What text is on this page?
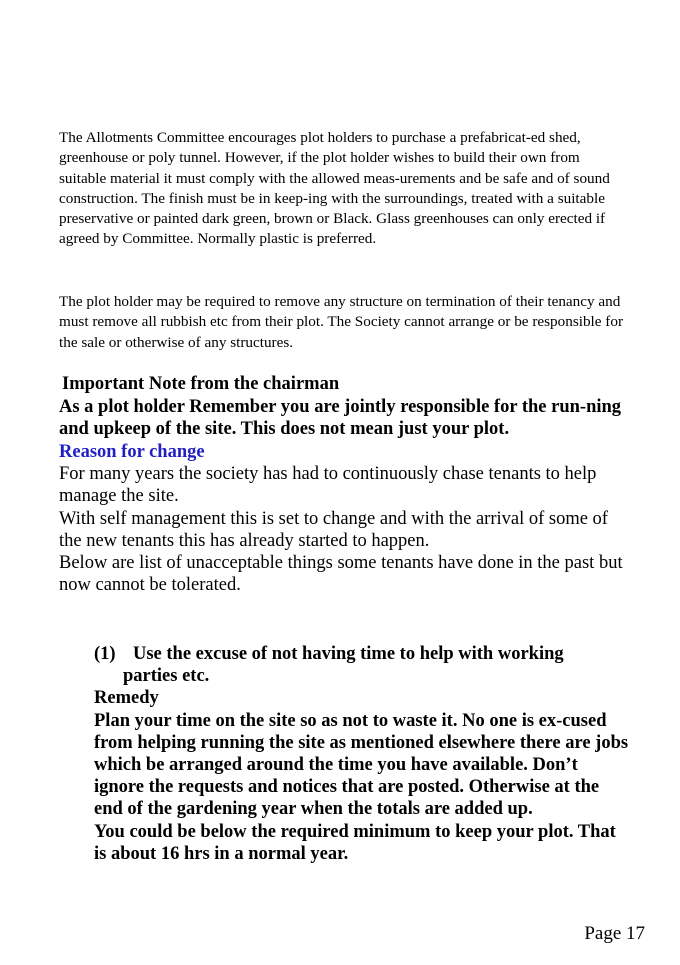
The Allotments Committee encourages plot holders to purchase a prefabricat-ed shed, greenhouse or poly tunnel. However, if the plot holder wishes to build their own from suitable material it must comply with the allowed meas-urements and be safe and of sound construction. The finish must be in keep-ing with the surroundings, treated with a suitable preservative or painted dark green, brown or Black. Glass greenhouses can only erected if agreed by Committee. Normally plastic is preferred.

The plot holder may be required to remove any structure on termination of their tenancy and must remove all rubbish etc from their plot. The Society cannot arrange or be responsible for the sale or otherwise of any structures.

Important Note from the chairman

As a plot holder Remember you are jointly responsible for the run-ning and upkeep of the site. This does not mean just your plot.

Reason for change

For many years the society has had to continuously chase tenants to help manage the site.

With self management this is set to change and with the arrival of some of the new tenants this has already started to happen.

Below are list of unacceptable things some tenants have done in the past but now cannot be tolerated.

(1) Use the excuse of not having time to help with working

parties etc.

Remedy

Plan your time on the site so as not to waste it. No one is ex-cused from helping running the site as mentioned elsewhere there are jobs which be arranged around the time you have available. Don’t ignore the requests and notices that are posted. Otherwise at the end of the gardening year when the totals are added up.

You could be below the required minimum to keep your plot. That is about 16 hrs in a normal year.

Page 17
